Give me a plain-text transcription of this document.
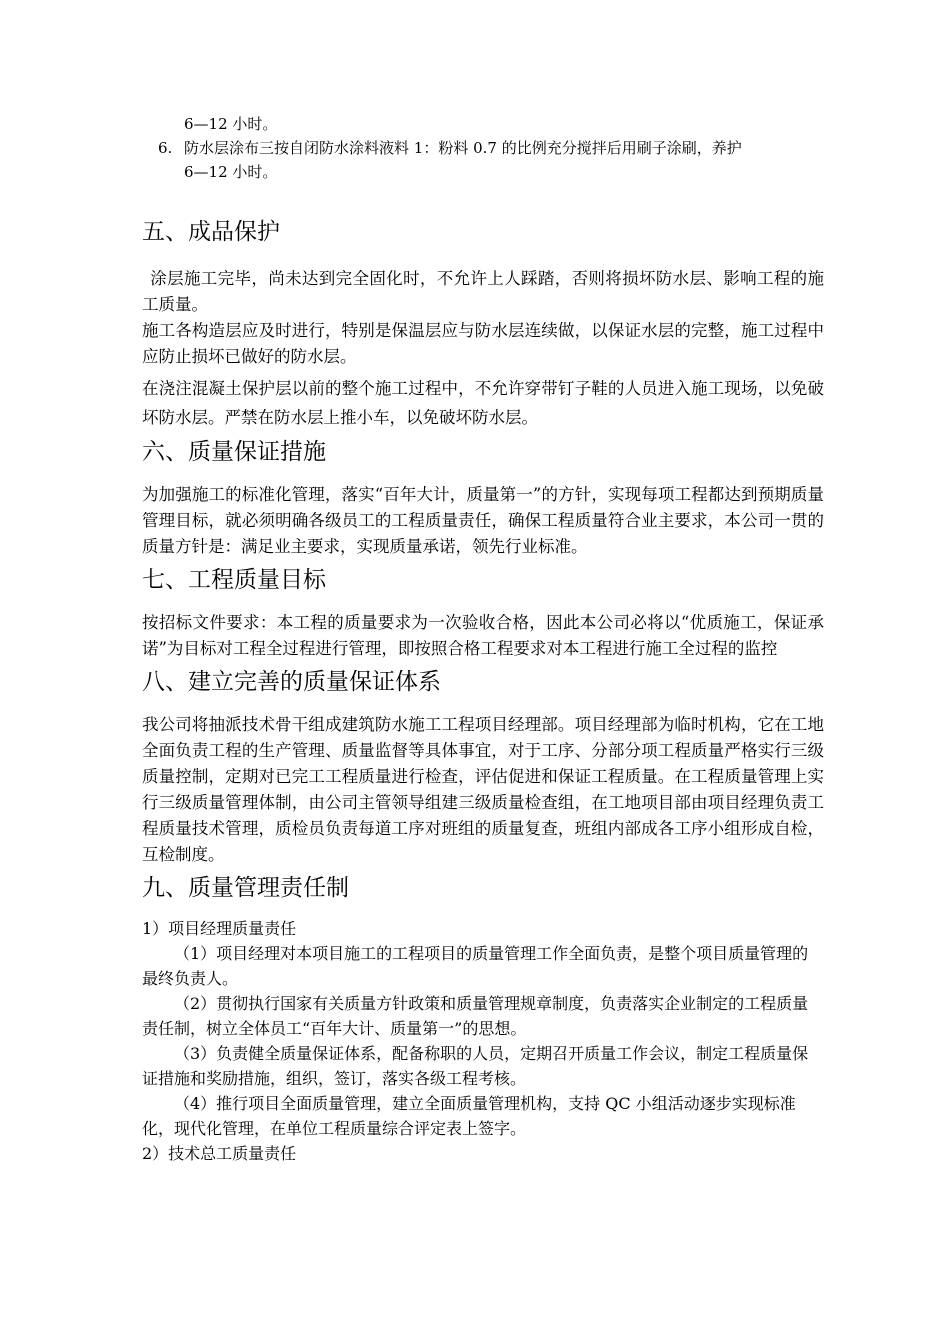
6—12 小时。
6. 防水层涂布三按自闭防水涂料液料 1：粉料 0.7 的比例充分搅拌后用刷子涂刷，养护
6—12 小时。
五、成品保护
涂层施工完毕，尚未达到完全固化时，不允许上人踩踏，否则将损坏防水层、影响工程的施工质量。
施工各构造层应及时进行，特别是保温层应与防水层连续做，以保证水层的完整，施工过程中应防止损坏已做好的防水层。
在浇注混凝土保护层以前的整个施工过程中，不允许穿带钉子鞋的人员进入施工现场，以免破坏防水层。严禁在防水层上推小车，以免破坏防水层。
六、质量保证措施
为加强施工的标准化管理，落实“百年大计，质量第一”的方针，实现每项工程都达到预期质量管理目标，就必须明确各级员工的工程质量责任，确保工程质量符合业主要求，本公司一贯的质量方针是：满足业主要求，实现质量承诺，领先行业标准。
七、工程质量目标
按招标文件要求：本工程的质量要求为一次验收合格，因此本公司必将以“优质施工，保证承诺”为目标对工程全过程进行管理，即按照合格工程要求对本工程进行施工全过程的监控
八、建立完善的质量保证体系
我公司将抽派技术骨干组成建筑防水施工工程项目经理部。项目经理部为临时机构，它在工地全面负责工程的生产管理、质量监督等具体事宜，对于工序、分部分项工程质量严格实行三级质量控制，定期对已完工工程质量进行检查，评估促进和保证工程质量。在工程质量管理上实行三级质量管理体制，由公司主管领导组建三级质量检查组，在工地项目部由项目经理负责工程质量技术管理，质检员负责每道工序对班组的质量复查，班组内部成各工序小组形成自检，互检制度。
九、质量管理责任制
1）项目经理质量责任
（1）项目经理对本项目施工的工程项目的质量管理工作全面负责，是整个项目质量管理的最终负责人。
（2）贯彻执行国家有关质量方针政策和质量管理规章制度，负责落实企业制定的工程质量责任制，树立全体员工“百年大计、质量第一”的思想。
（3）负责健全质量保证体系，配备称职的人员，定期召开质量工作会议，制定工程质量保证措施和奖励措施，组织，签订，落实各级工程考核。
（4）推行项目全面质量管理，建立全面质量管理机构，支持 QC 小组活动逐步实现标准化，现代化管理，在单位工程质量综合评定表上签字。
2）技术总工质量责任
